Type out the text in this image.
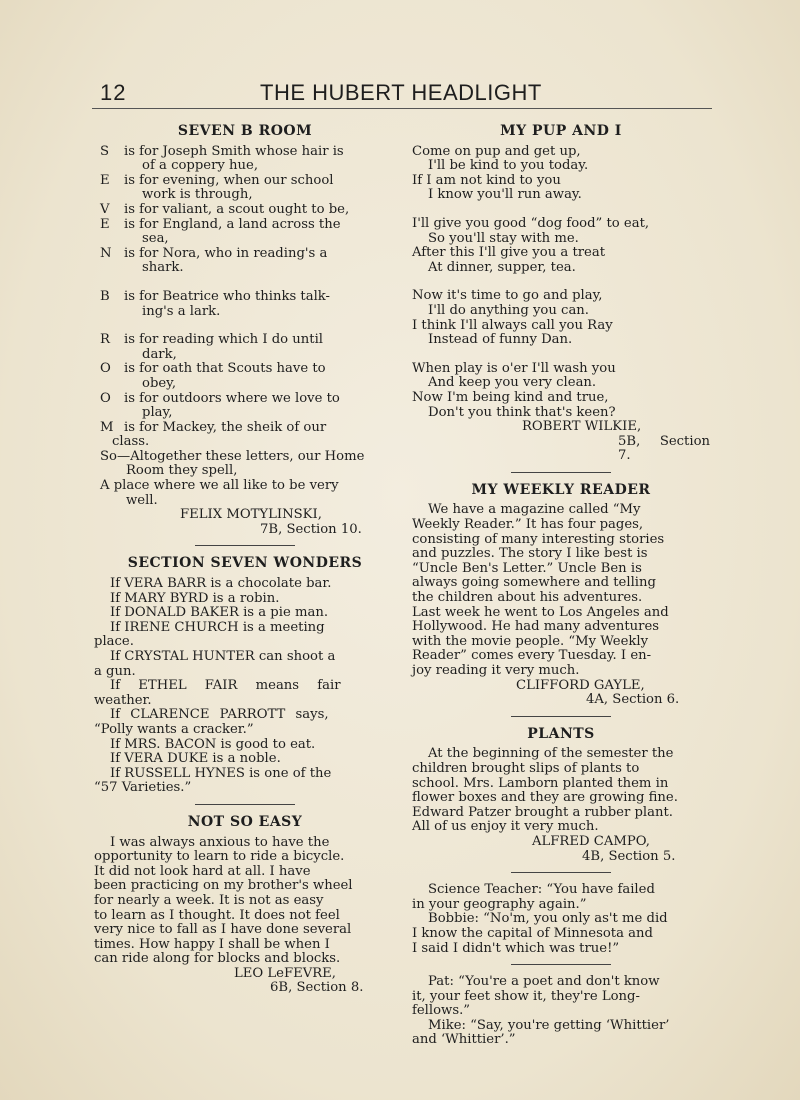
12	THE HUBERT HEADLIGHT
SEVEN B ROOM
S	is for Joseph Smith whose hair is
of a coppery hue,
E	is for evening, when our school
work is through,
V	is for valiant, a scout ought to be,
E	is for England, a land across the
sea,
N is for Nora, who in reading's a
shark.
B	is for Beatrice who thinks talk-
ing's a lark.
R	is for reading which I do until
dark,
O is for oath that Scouts have to
obey,
O is for outdoors where we love to
play,
M is for Mackey, the sheik of our

class.

So—Altogether these letters, our Home

Room they spell,

A place where we all like to be very

well.

FELIX MOTYLINSKI,

7B, Section 10.

SECTION SEVEN WONDERS

If VERA BARR is a chocolate bar.

If MARY BYRD is a robin.

If DONALD BAKER is a pie man.

If IRENE CHURCH is a meeting

place.

If CRYSTAL HUNTER can shoot a

a gun.

If ETHEL FAIR means fair

weather.

If CLARENCE PARROTT says,

“Polly wants a cracker.”

If MRS. BACON is good to eat.

If VERA DUKE is a noble.

If RUSSELL HYNES is one of the

“57 Varieties.”

NOT SO EASY

I was always anxious to have the

opportunity to learn to ride a bicycle.

It did not look hard at all. I have

been practicing on my brother's wheel

for nearly a week. It is not as easy

to learn as I thought. It does not feel

very nice to fall as I have done several

times. How happy I shall be when I

can ride along for blocks and blocks.

LEO LeFEVRE,

6B, Section 8.

MY PUP AND I
Come on pup and get up,
I'll be kind to you today.
If I am not kind to you
I know you'll run away.
I'll give you good “dog food” to eat,
So you'll stay with me.
After this I'll give you a treat
At dinner, supper, tea.
Now it's time to go and play,
I'll do anything you can.
I think I'll always call you Ray
Instead of funny Dan.
When play is o'er I'll wash you
And keep you very clean.
Now I'm being kind and true,
Don't you think that's keen?

ROBERT WILKIE,

5B, Section 7.

MY WEEKLY READER

We have a magazine called “My

Weekly Reader.” It has four pages,

consisting of many interesting stories

and puzzles. The story I like best is

“Uncle Ben's Letter.” Uncle Ben is

always going somewhere and telling

the children about his adventures.

Last week he went to Los Angeles and

Hollywood. He had many adventures

with the movie people. “My Weekly

Reader” comes every Tuesday. I en-

joy reading it very much.

CLIFFORD GAYLE,

4A, Section 6.

PLANTS

At the beginning of the semester the

children brought slips of plants to

school. Mrs. Lamborn planted them in

flower boxes and they are growing fine.

Edward Patzer brought a rubber plant.

All of us enjoy it very much.

ALFRED CAMPO,

4B, Section 5.

Science Teacher: “You have failed

in your geography again.”

Bobbie: “No'm, you only as't me did

I know the capital of Minnesota and

I said I didn't which was true!”

Pat: “You're a poet and don't know

it, your feet show it, they're Long-

fellows.”

Mike: “Say, you're getting ‘Whittier’

and ‘Whittier’.”
